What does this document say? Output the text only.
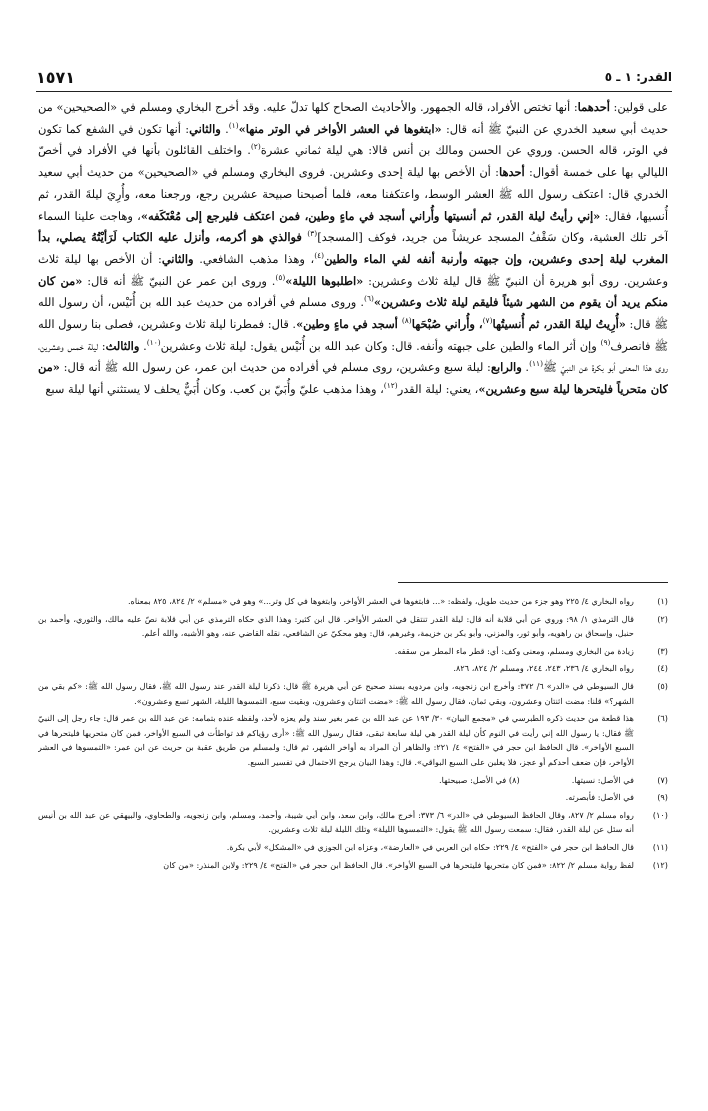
القدر: ١ ـ ٥
١٥٧١

على قولين: أحدهما: أنها تختص الأفراد، قاله الجمهور. والأحاديث الصحاح كلها تدلّ عليه. وقد أخرج البخاري ومسلم في «الصحيحين» من حديث أبي سعيد الخدري عن النبيّ ﷺ أنه قال: «ابتغوها في العشر الأواخر في الوتر منها»$^{(١)}$. والثاني: أنها تكون في الشفع كما تكون في الوتر، قاله الحسن. وروي عن الحسن ومالك بن أنس قالا: هي ليلة ثماني عشرة$^{(٢)}$. واختلف القائلون بأنها في الأفراد في أخصّ الليالي بها على خمسة أقوال: أحدها: أن الأخص بها ليلة إحدى وعشرين. فروى البخاري ومسلم في «الصحيحين» من حديث أبي سعيد الخدري قال: اعتكف رسول الله ﷺ العشر الوسط، واعتكفنا معه، فلما أصبحنا صبيحة عشرين رجع، ورجعنا معه، وأُرِيَ ليلةَ القدر، ثم أُنسيها، فقال: «إني رأيتُ ليلة القدر، ثم أنسيتها وأُراني أسجد في ماءٍ وطين، فمن اعتكف فليرجع إلى مُعْتَكَفه»، وهاجت علينا السماء آخر تلك العشية، وكان سَقْفُ المسجد عريشاً من جريد، فوكف [المسجد]$^{(٣)}$ فوالذي هو أكرمه، وأنزل عليه الكتاب لَرَأيْتُهُ يصلي، بدأ المغرب ليلة إحدى وعشرين، وإن جبهته وأرنبة أنفه لفي الماء والطين$^{(٤)}$، وهذا مذهب الشافعي. والثاني: أن الأخص بها ليلة ثلاث وعشرين. روى أبو هريرة أن النبيّ ﷺ قال ليلة ثلاث وعشرين: «اطلبوها الليلة»$^{(٥)}$. وروى ابن عمر عن النبيّ ﷺ أنه قال: «من كان منكم يريد أن يقوم من الشهر شيئاً فليقم ليلة ثلاث وعشرين»$^{(٦)}$. وروى مسلم في أفراده من حديث عبد الله بن أُنَيْس، أن رسول الله ﷺ قال: «أُرِيتُ ليلةَ القدر، ثم أُنسيتُها$^{(٧)}$، وأُراني صُبْحَها$^{(٨)}$ أسجد في ماءٍ وطين». قال: فمطرنا ليلة ثلاث وعشرين، فصلى بنا رسول الله ﷺ فانصرف$^{(٩)}$ وإن أثر الماء والطين على جبهته وأنفه. قال: وكان عبد الله بن أُنَيْس يقول: ليلة ثلاث وعشرين$^{(١٠)}$. والثالث: ليلة خمس وعشرين، روى هذا المعنى أبو بكرة عن النبيّ ﷺ$^{(١١)}$. والرابع: ليلة سبع وعشرين، روى مسلم في أفراده من حديث ابن عمر، عن رسول الله ﷺ أنه قال: «من كان متحرياً فليتحرها ليلة سبع وعشرين»، يعني: ليلة القدر$^{(١٢)}$، وهذا مذهب عليّ وأُبَيّ بن كعب. وكان أُبَيٌّ يحلف لا يستثني أنها ليلة سبع

(١)
رواه البخاري ٤/ ٢٢٥ وهو جزء من حديث طويل، ولفظه: «... فابتغوها في العشر الأواخر، وابتغوها في كل وتر...» وهو في «مسلم» ٢/ ٨٢٤، ٨٢٥ بمعناه.
(٢)
قال الترمذي ١/ ٩٨: وروي عن أبي قلابة أنه قال: ليلة القدر تنتقل في العشر الأواخر. قال ابن كثير: وهذا الذي حكاه الترمذي عن أبي قلابة نصّ عليه مالك، والثوري، وأحمد بن حنبل، وإسحاق بن راهويه، وأبو ثور، والمزني، وأبو بكر بن خزيمة، وغيرهم، قال: وهو محكيّ عن الشافعي، نقله القاضي عنه، وهو الأشبه، والله أعلم.
(٣)
زيادة من البخاري ومسلم، ومعنى وكف: أي: قطر ماء المطر من سقفه.
(٤)
رواه البخاري ٤/ ٢٣٦، ٢٤٣، ٢٤٤، ومسلم ٢/ ٨٢٤، ٨٢٦.
(٥)
قال السيوطي في «الدر» ٦/ ٣٧٢: وأخرج ابن زنجويه، وابن مردويه بسند صحيح عن أبي هريرة ﷺ قال: ذكرنا ليلة القدر عند رسول الله ﷺ، فقال رسول الله ﷺ: «كم بقي من الشهر؟» قلنا: مضت اثنتان وعشرون، وبقي ثمان، فقال رسول الله ﷺ: «مضت اثنتان وعشرون، وبقيت سبع، التمسوها الليلة، الشهر تسع وعشرون».
(٦)
هذا قطعة من حديث ذكره الطبرسي في «مجمع البيان» ٣٠/ ١٩٣ عن عبد الله بن عمر بغير سند ولم يعزه لأحد، ولفظه عنده بتمامه: عن عبد الله بن عمر قال: جاء رجل إلى النبيّ ﷺ فقال: يا رسول الله إني رأيت في النوم كأن ليلة القدر هي ليلة سابعة تبقى، فقال رسول الله ﷺ: «أرى رؤياكم قد تواطأت في السبع الأواخر، فمن كان متحريها فليتحرها في السبع الأواخر». قال الحافظ ابن حجر في «الفتح» ٤/ ٢٢١: والظاهر أن المراد به أواخر الشهر، ثم قال: ولمسلم من طريق عقبة بن حريث عن ابن عمر: «التمسوها في العشر الأواخر، فإن ضعف أحدكم أو عجز، فلا يغلبن على السبع البواقي». قال: وهذا البيان يرجح الاحتمال في تفسير السبع.
(٧)
في الأصل: نسيتها.                    (٨) في الأصل: صبيحتها.
(٩)
في الأصل: فأبصرته.
(١٠)
رواه مسلم ٢/ ٨٢٧، وقال الحافظ السيوطي في «الدر» ٦/ ٣٧٣: أخرج مالك، وابن سعد، وابن أبي شيبة، وأحمد، ومسلم، وابن زنجويه، والطحاوي، والبيهقي عن عبد الله بن أنيس أنه سئل عن ليلة القدر، فقال: سمعت رسول الله ﷺ يقول: «التمسوها الليلة» وتلك الليلة ليلة ثلاث وعشرين.
(١١)
قال الحافظ ابن حجر في «الفتح» ٤/ ٢٢٩: حكاه ابن العربي في «العارضة»، وعزاه ابن الجوزي في «المشكل» لأبي بكرة.
(١٢)
لفظ رواية مسلم ٢/ ٨٢٢: «فمن كان متحريها فليتحرها في السبع الأواخر». قال الحافظ ابن حجر في «الفتح» ٤/ ٢٢٩: ولابن المنذر: «من كان
